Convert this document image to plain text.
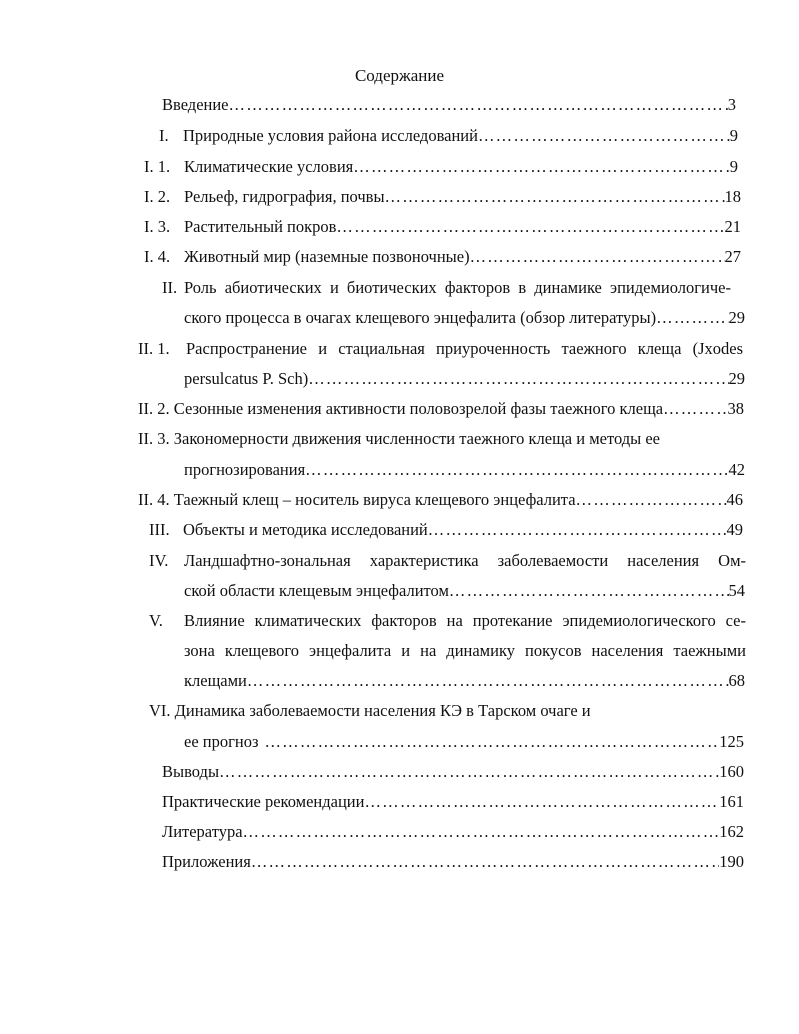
Содержание
Введение ………………………………………………………………………………………………………………………………………………………………………………………………………………………………	3
I. Природные условия района исследований ………………………………………………………………………………………………………………………………………………………………………………………………………………………………	9
I. 1. Климатические условия ………………………………………………………………………………………………………………………………………………………………………………………………………………………………	9
I. 2. Рельеф, гидрография, почвы ………………………………………………………………………………………………………………………………………………………………………………………………………………………………	18
I. 3. Растительный покров ………………………………………………………………………………………………………………………………………………………………………………………………………………………………	21
I. 4. Животный мир (наземные позвоночные) ………………………………………………………………………………………………………………………………………………………………………………………………………………………………	27
II. Роль абиотических и биотических факторов в динамике эпидемиологиче-
ского процесса в очагах клещевого энцефалита (обзор литературы) ………………………………………………………………………………………………………………………………………………………………………………………………………………………………	29
II. 1. Распространение и стациальная приуроченность таежного клеща (Jxodes
persulcatus P. Sch) ………………………………………………………………………………………………………………………………………………………………………………………………………………………………	29
II. 2. Сезонные изменения активности половозрелой фазы таежного клеща ………………………………………………………………………………………………………………………………………………………………………………………………………………………………	38
II. 3. Закономерности движения численности таежного клеща и методы ее
прогнозирования ………………………………………………………………………………………………………………………………………………………………………………………………………………………………	42
II. 4. Таежный клещ – носитель вируса клещевого энцефалита ………………………………………………………………………………………………………………………………………………………………………………………………………………………………	46
III. Объекты и методика исследований ………………………………………………………………………………………………………………………………………………………………………………………………………………………………	49
IV. Ландшафтно-зональная характеристика заболеваемости населения Ом-
ской области клещевым энцефалитом ………………………………………………………………………………………………………………………………………………………………………………………………………………………………	54
V.	Влияние климатических факторов на протекание эпидемиологического се-
зона клещевого энцефалита и на динамику покусов населения таежными
клещами ………………………………………………………………………………………………………………………………………………………………………………………………………………………………	68
VI. Динамика заболеваемости населения КЭ в Тарском очаге и
ее прогноз ………………………………………………………………………………………………………………………………………………………………………………………………………………………………	125
Выводы ………………………………………………………………………………………………………………………………………………………………………………………………………………………………	160
Практические рекомендации ………………………………………………………………………………………………………………………………………………………………………………………………………………………………	161
Литература ………………………………………………………………………………………………………………………………………………………………………………………………………………………………	162
Приложения ………………………………………………………………………………………………………………………………………………………………………………………………………………………………	190
